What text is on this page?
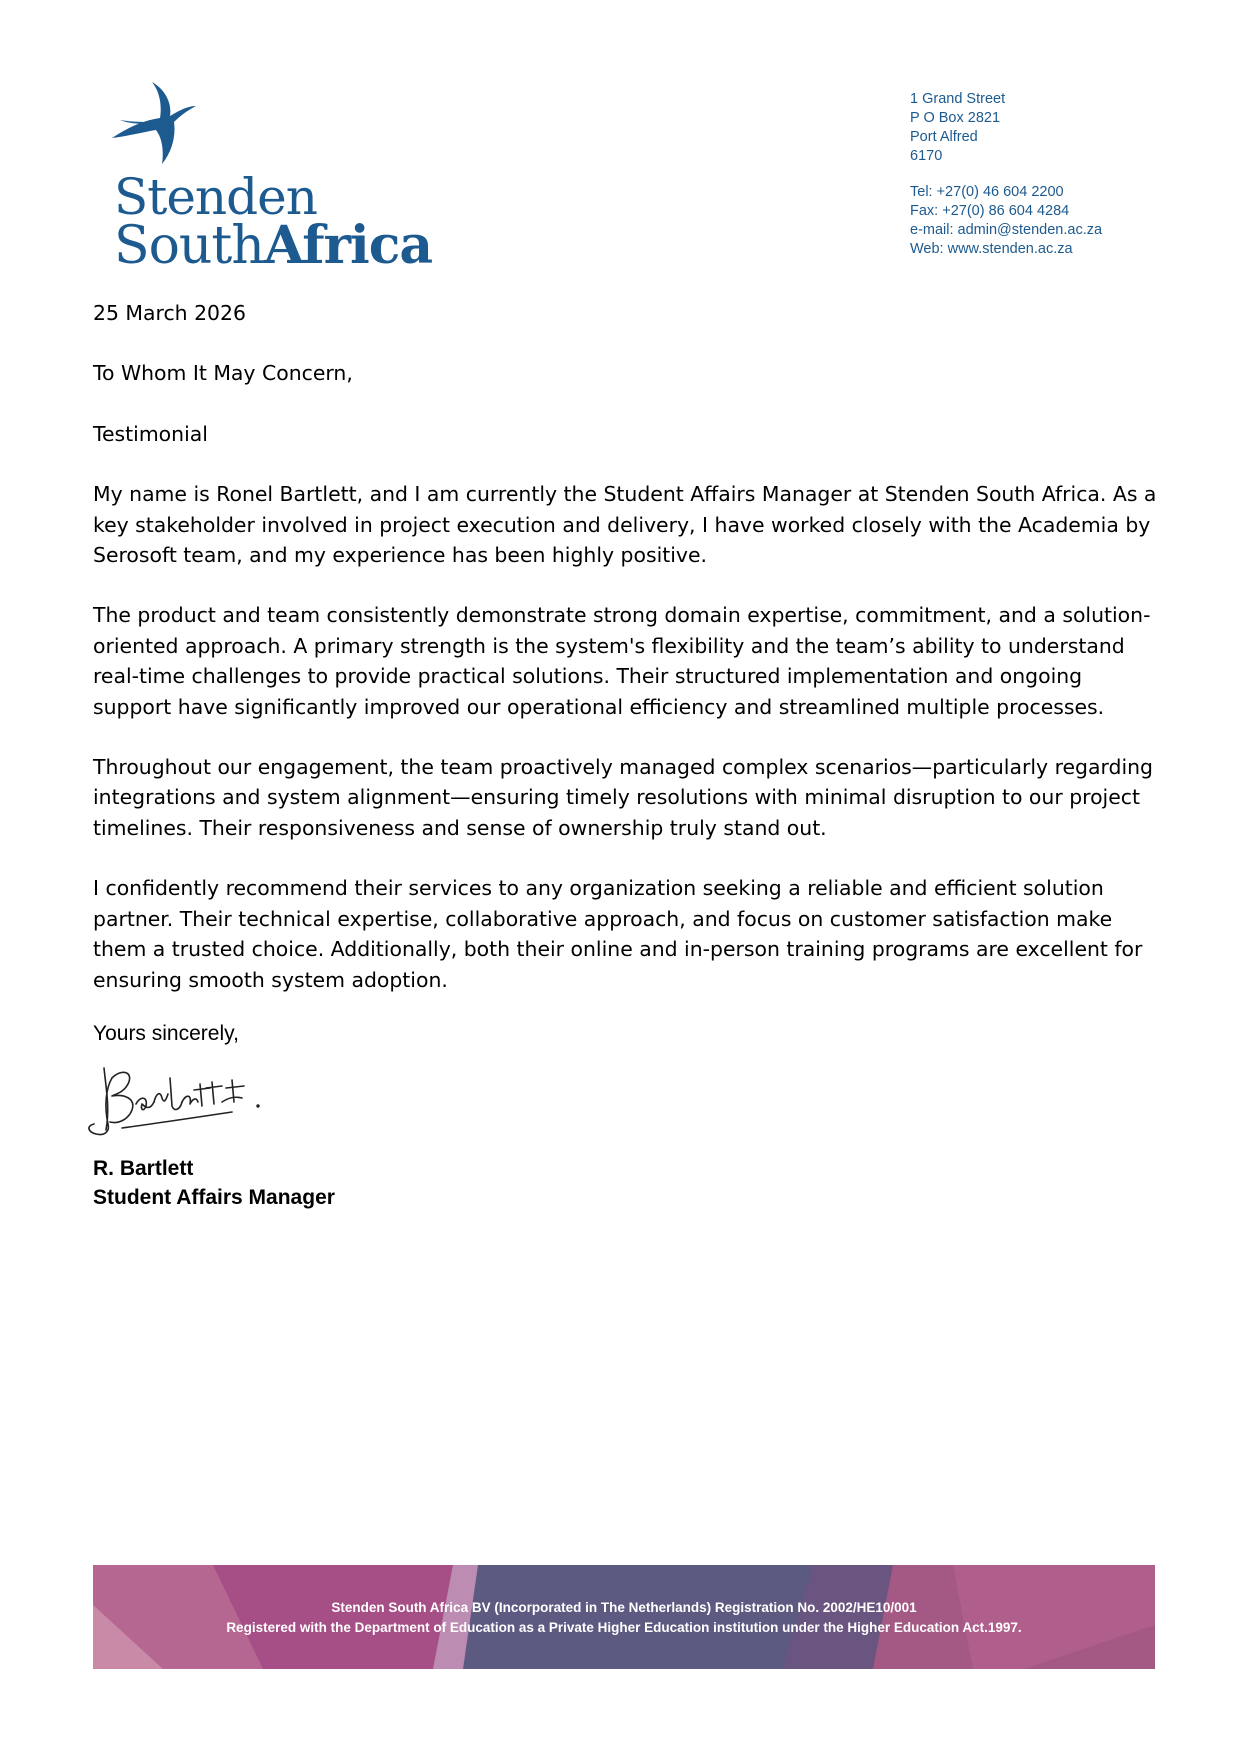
Stenden
SouthAfrica
1 Grand Street
P O Box 2821
Port Alfred
6170
Tel: +27(0) 46 604 2200
Fax: +27(0) 86 604 4284
e-mail: admin@stenden.ac.za
Web: www.stenden.ac.za

25 March 2026

To Whom It May Concern,

Testimonial

My name is Ronel Bartlett, and I am currently the Student Affairs Manager at Stenden South Africa. As a key stakeholder involved in project execution and delivery, I have worked closely with the Academia by Serosoft team, and my experience has been highly positive.

The product and team consistently demonstrate strong domain expertise, commitment, and a solution-oriented approach. A primary strength is the system's flexibility and the team’s ability to understand real-time challenges to provide practical solutions. Their structured implementation and ongoing support have significantly improved our operational efficiency and streamlined multiple processes.

Throughout our engagement, the team proactively managed complex scenarios—particularly regarding integrations and system alignment—ensuring timely resolutions with minimal disruption to our project timelines. Their responsiveness and sense of ownership truly stand out.

I confidently recommend their services to any organization seeking a reliable and efficient solution partner. Their technical expertise, collaborative approach, and focus on customer satisfaction make them a trusted choice. Additionally, both their online and in-person training programs are excellent for ensuring smooth system adoption.

Yours sincerely,
R. Bartlett
Student Affairs Manager
Stenden South Africa BV (Incorporated in The Netherlands) Registration No. 2002/HE10/001
Registered with the Department of Education as a Private Higher Education institution under the Higher Education Act.1997.
